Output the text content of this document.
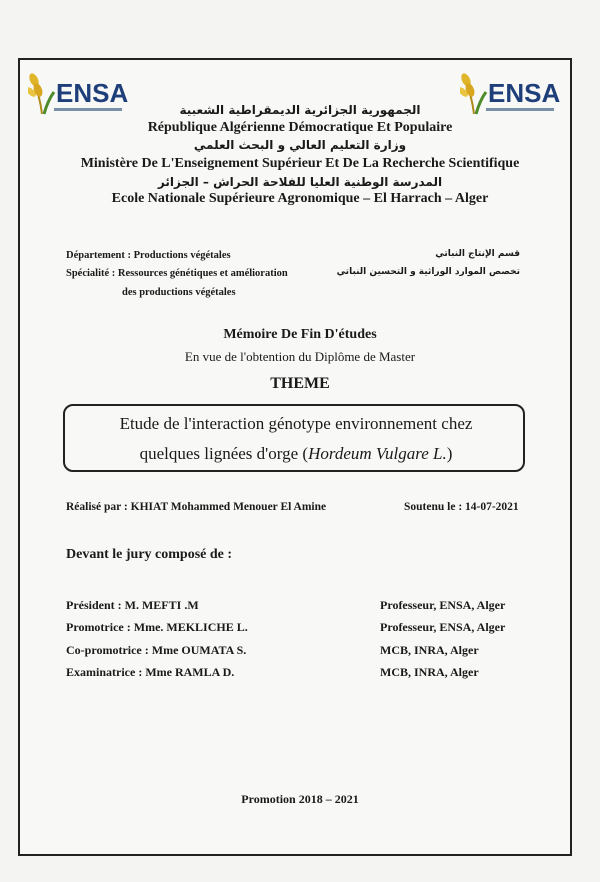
ENSA	ENSA
الجمهورية الجزائرية الديمقراطية الشعبية
République Algérienne Démocratique Et Populaire
وزارة التعليم العالي و البحث العلمي
Ministère De L'Enseignement Supérieur Et De La Recherche Scientifique
المدرسة الوطنية العليا للفلاحة الحراش – الجزائر
Ecole Nationale Supérieure Agronomique – El Harrach – Alger
Département : Productions végétales	قسم الإنتاج النباتي
Spécialité : Ressources génétiques et amélioration	تخصص الموارد الوراثية و التحسين النباتي
des productions végétales
Mémoire De Fin D'études
En vue de l'obtention du Diplôme de Master
THEME
Etude de l'interaction génotype environnement chez
quelques lignées d'orge (Hordeum Vulgare L.)
Réalisé par : KHIAT Mohammed Menouer El Amine	Soutenu le : 14-07-2021
Devant le jury composé de :
Président : M. MEFTI .M	Professeur, ENSA, Alger
Promotrice : Mme. MEKLICHE L.	Professeur, ENSA, Alger
Co-promotrice : Mme OUMATA S.	MCB, INRA, Alger
Examinatrice : Mme RAMLA D.	MCB, INRA, Alger
Promotion 2018 – 2021
